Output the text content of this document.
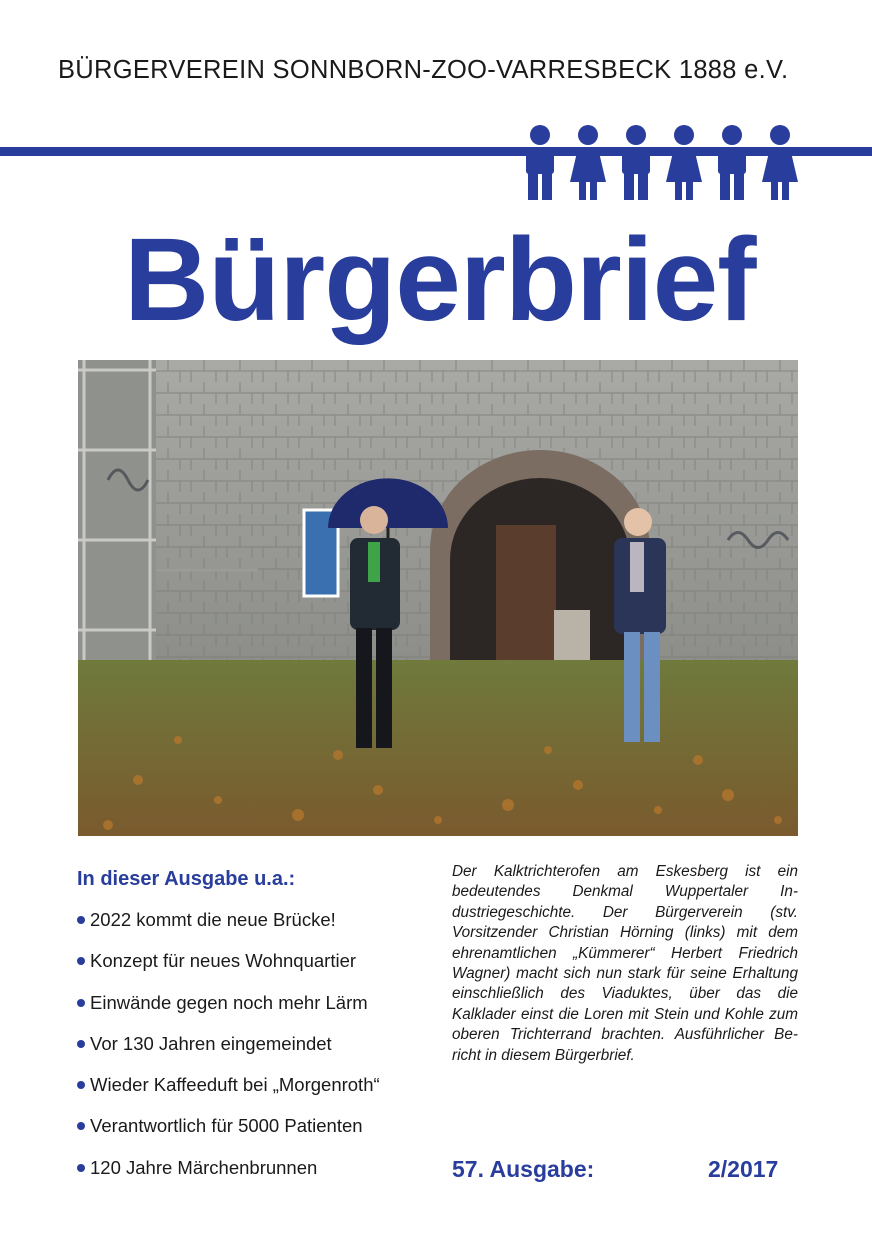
BÜRGERVEREIN SONNBORN-ZOO-VARRESBECK 1888 e.V.
Bürgerbrief
In dieser Ausgabe u.a.:
2022 kommt die neue Brücke!
Konzept für neues Wohnquartier
Einwände gegen noch mehr Lärm
Vor 130 Jahren eingemeindet
Wieder Kaffeeduft bei „Morgenroth“
Verantwortlich für 5000 Patienten
120 Jahre Märchenbrunnen
Der Kalktrichterofen am Eskesberg ist ein bedeutendes Denkmal Wuppertaler Industriegeschichte. Der Bürgerverein (stv. Vorsitzender Christian Hörning (links) mit dem ehrenamtlichen „Kümmerer“ Herbert Friedrich Wagner) macht sich nun stark für seine Erhaltung einschließlich des Viaduktes, über das die Kalklader einst die Loren mit Stein und Kohle zum oberen Trichterrand brachten. Ausführlicher Bericht in diesem Bürgerbrief.
57. Ausgabe:	2/2017
